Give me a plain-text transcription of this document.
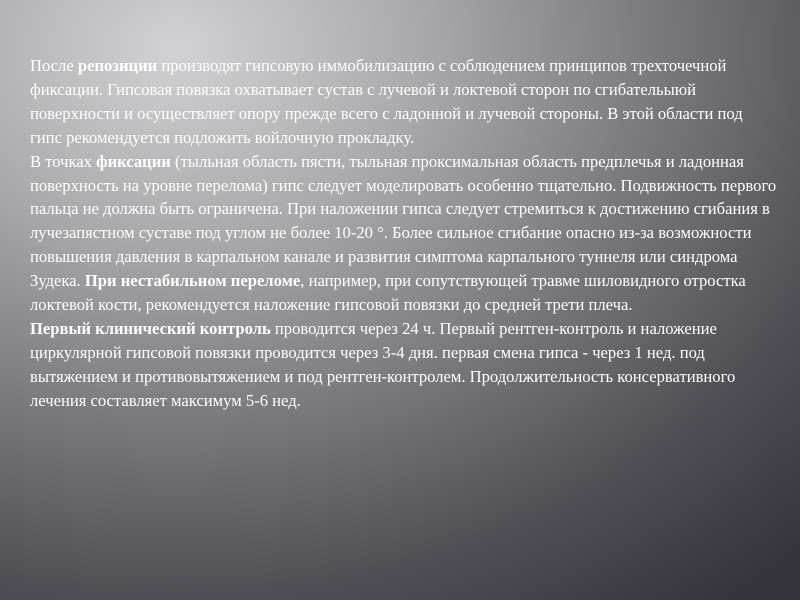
После репозиции производят гипсовую иммобилизацию с соблюдением принципов трехточечной фиксации. Гипсовая повязка охватывает сустав с лучевой и локтевой сторон по сгибательыюй поверхности и осуществляет опору прежде всего с ладонной и лучевой стороны. В этой области под гипс рекомендуется подложить войлочную прокладку.

В точках фиксации (тыльная область пясти, тыльная проксимальная область предплечья и ладонная поверхность на уровне перелома) гипс следует моделировать особенно тщательно. Подвижность первого пальца не должна быть ограничена. При наложении гипса следует стремиться к достижению сгибания в лучезапястном суставе под углом не более 10-20 °. Более сильное сгибание опасно из-за возможности повышения давления в карпальном канале и развития симптома карпального туннеля или синдрома Зудека. При нестабильном переломе, например, при сопутствующей травме шиловидного отростка локтевой кости, рекомендуется наложение гипсовой повязки до средней трети плеча.

Первый клинический контроль проводится через 24 ч. Первый рентген-контроль и наложение циркулярной гипсовой повязки проводится через 3-4 дня. первая смена гипса - через 1 нед. под вытяжением и противовытяжением и под рентген-контролем. Продолжительность консервативного лечения составляет максимум 5-6 нед.
